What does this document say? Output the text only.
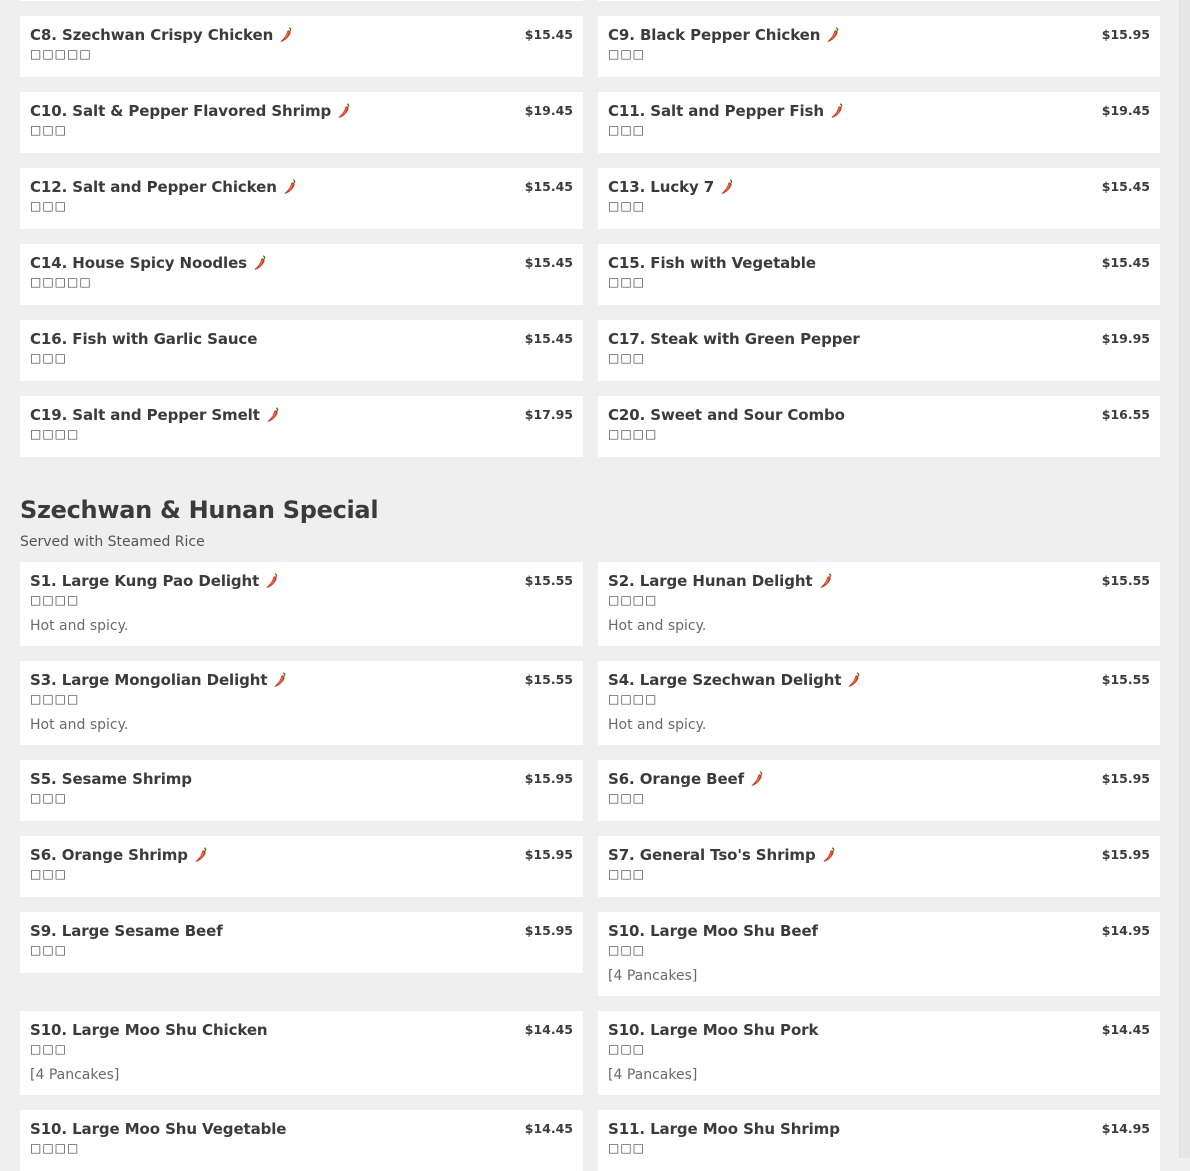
C8. Szechwan Crispy Chicken	$15.45
□□□□□
C9. Black Pepper Chicken	$15.95
□□□
C10. Salt & Pepper Flavored Shrimp	$19.45
□□□
C11. Salt and Pepper Fish	$19.45
□□□
C12. Salt and Pepper Chicken	$15.45
□□□
C13. Lucky 7	$15.45
□□□
C14. House Spicy Noodles	$15.45
□□□□□
C15. Fish with Vegetable	$15.45
□□□
C16. Fish with Garlic Sauce	$15.45
□□□
C17. Steak with Green Pepper	$19.95
□□□
C19. Salt and Pepper Smelt	$17.95
□□□□
C20. Sweet and Sour Combo	$16.55
□□□□
Szechwan & Hunan Special
Served with Steamed Rice
S1. Large Kung Pao Delight	$15.55
□□□□
Hot and spicy.
S2. Large Hunan Delight	$15.55
□□□□
Hot and spicy.
S3. Large Mongolian Delight	$15.55
□□□□
Hot and spicy.
S4. Large Szechwan Delight	$15.55
□□□□
Hot and spicy.
S5. Sesame Shrimp	$15.95
□□□
S6. Orange Beef	$15.95
□□□
S6. Orange Shrimp	$15.95
□□□
S7. General Tso's Shrimp	$15.95
□□□
S9. Large Sesame Beef	$15.95
□□□
S10. Large Moo Shu Beef	$14.95
□□□
[4 Pancakes]
S10. Large Moo Shu Chicken	$14.45
□□□
[4 Pancakes]
S10. Large Moo Shu Pork	$14.45
□□□
[4 Pancakes]
S10. Large Moo Shu Vegetable	$14.45
□□□□
S11. Large Moo Shu Shrimp	$14.95
□□□
